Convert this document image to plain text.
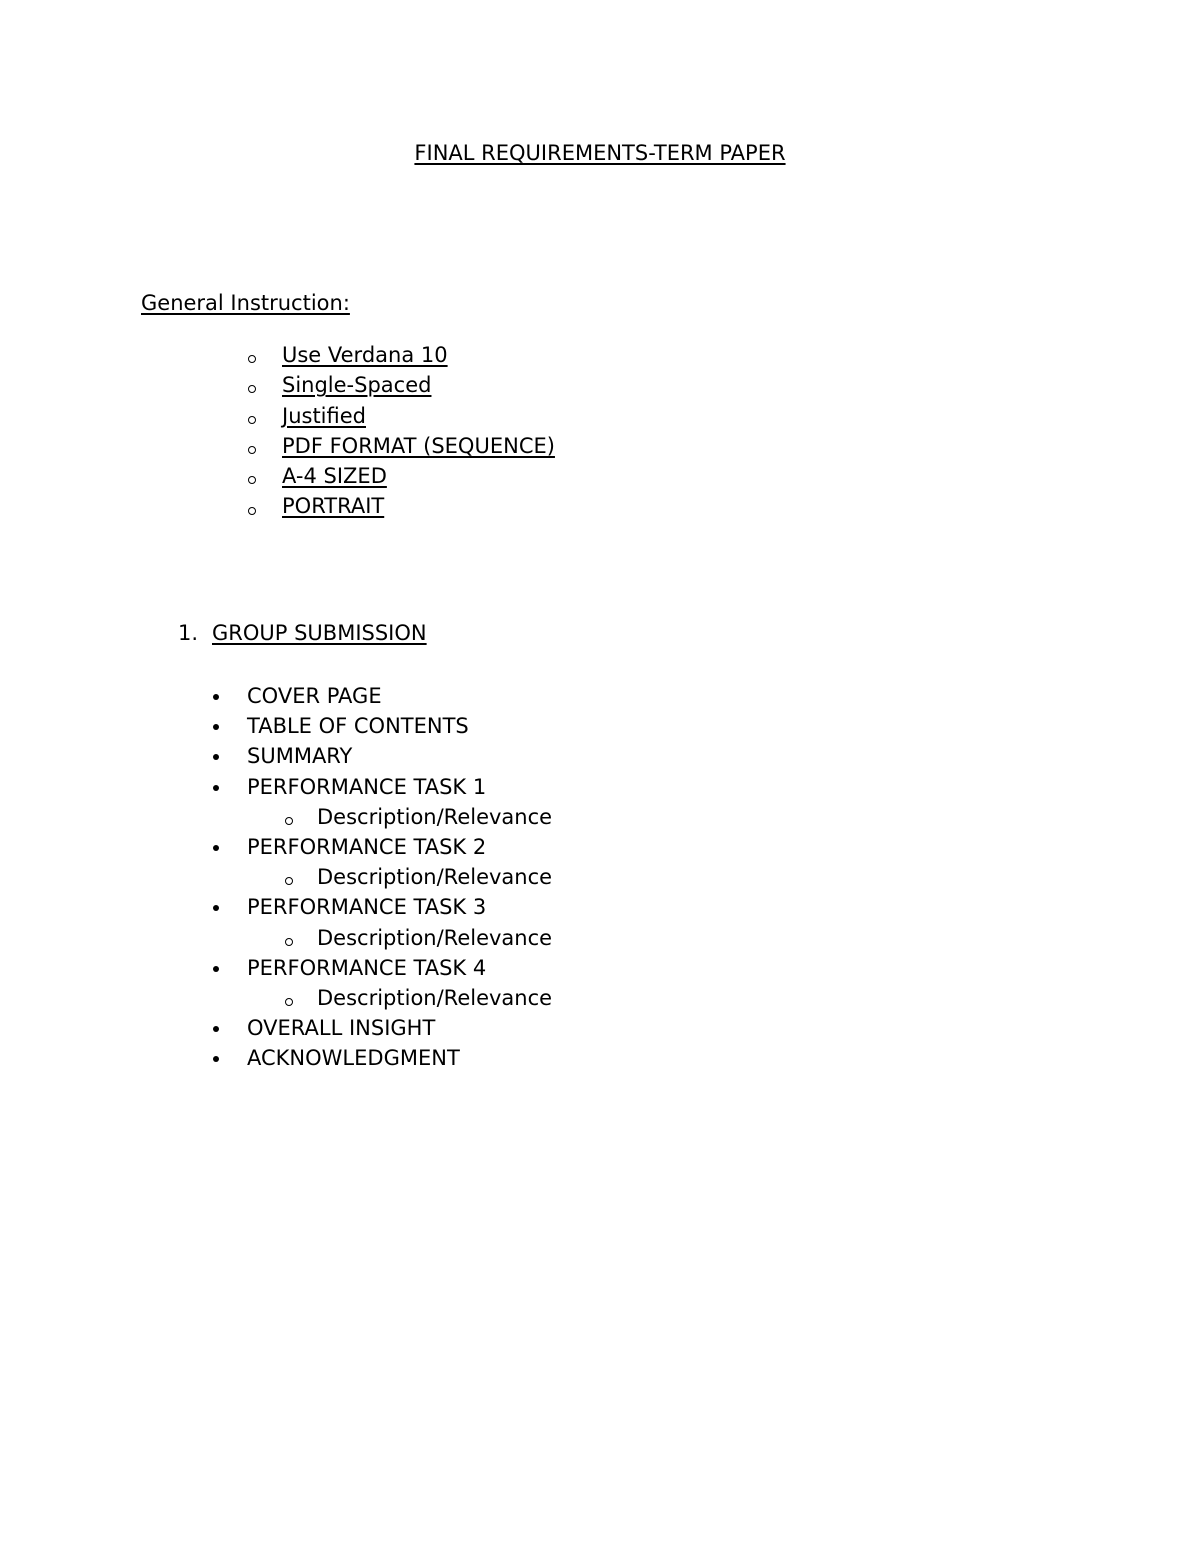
FINAL REQUIREMENTS-TERM PAPER
General Instruction:
Use Verdana 10
Single-Spaced
Justified
PDF FORMAT (SEQUENCE)
A-4 SIZED
PORTRAIT
1. GROUP SUBMISSION
COVER PAGE
TABLE OF CONTENTS
SUMMARY
PERFORMANCE TASK 1
Description/Relevance
PERFORMANCE TASK 2
Description/Relevance
PERFORMANCE TASK 3
Description/Relevance
PERFORMANCE TASK 4
Description/Relevance
OVERALL INSIGHT
ACKNOWLEDGMENT
